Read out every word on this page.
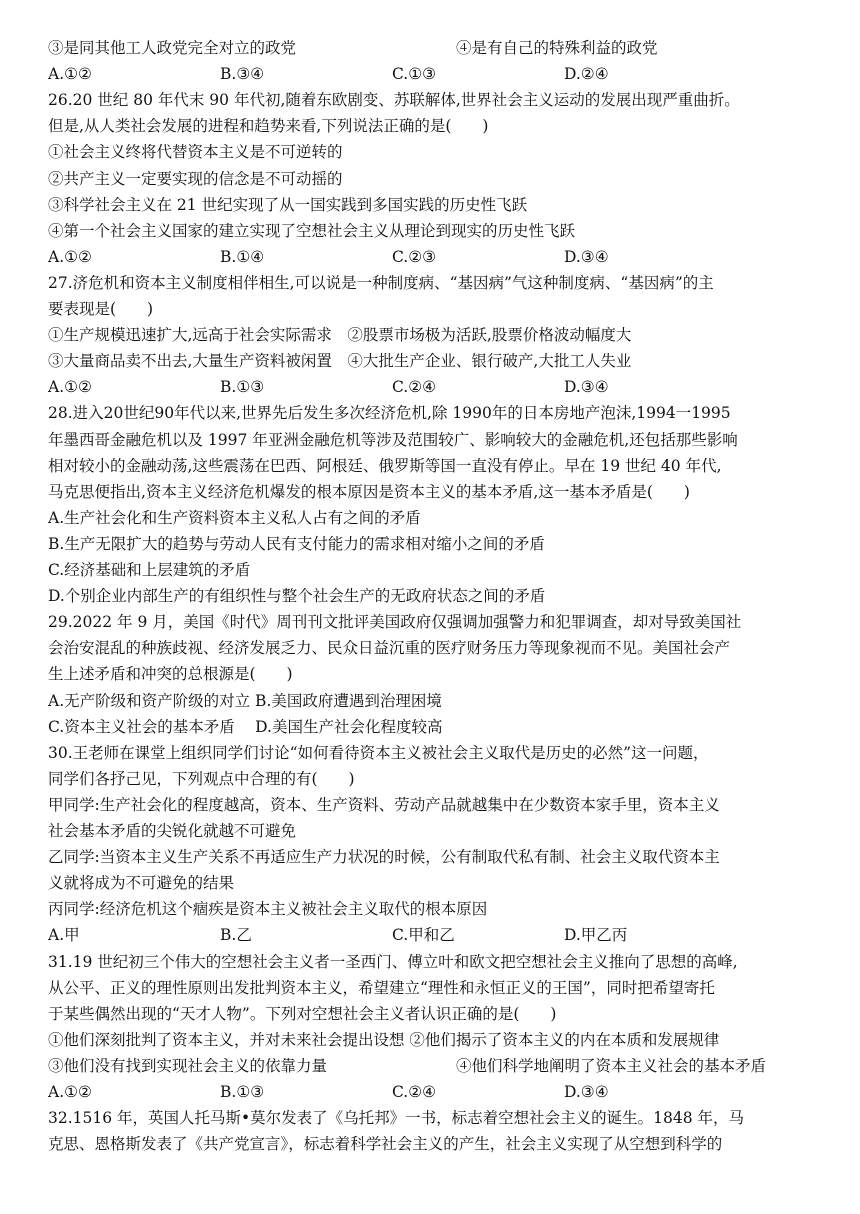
③是同其他工人政党完全对立的政党	④是有自己的特殊利益的政党
A.①②	B.③④	C.①③	D.②④
26.20 世纪 80 年代末 90 年代初,随着东欧剧变、苏联解体,世界社会主义运动的发展出现严重曲折。
但是,从人类社会发展的进程和趋势来看,下列说法正确的是(　　)
①社会主义终将代替资本主义是不可逆转的
②共产主义一定要实现的信念是不可动摇的
③科学社会主义在 21 世纪实现了从一国实践到多国实践的历史性飞跃
④第一个社会主义国家的建立实现了空想社会主义从理论到现实的历史性飞跃
A.①②	B.①④	C.②③	D.③④
27.济危机和资本主义制度相伴相生,可以说是一种制度病、“基因病”气这种制度病、“基因病”的主
要表现是(　　)
①生产规模迅速扩大,远高于社会实际需求　②股票市场极为活跃,股票价格波动幅度大
③大量商品卖不出去,大量生产资料被闲置　④大批生产企业、银行破产,大批工人失业
A.①②	B.①③	C.②④	D.③④
28.进入20世纪90年代以来,世界先后发生多次经济危机,除 1990年的日本房地产泡沫,1994一1995
年墨西哥金融危机以及 1997 年亚洲金融危机等涉及范围较广、影响较大的金融危机,还包括那些影响
相对较小的金融动荡,这些震荡在巴西、阿根廷、俄罗斯等国一直没有停止。早在 19 世纪 40 年代,
马克思便指出,资本主义经济危机爆发的根本原因是资本主义的基本矛盾,这一基本矛盾是(　　)
A.生产社会化和生产资料资本主义私人占有之间的矛盾
B.生产无限扩大的趋势与劳动人民有支付能力的需求相对缩小之间的矛盾
C.经济基础和上层建筑的矛盾
D.个别企业内部生产的有组织性与整个社会生产的无政府状态之间的矛盾
29.2022 年 9 月，美国《时代》周刊刊文批评美国政府仅强调加强警力和犯罪调查，却对导致美国社
会治安混乱的种族歧视、经济发展乏力、民众日益沉重的医疗财务压力等现象视而不见。美国社会产
生上述矛盾和冲突的总根源是(　　)
A.无产阶级和资产阶级的对立 B.美国政府遭遇到治理困境
C.资本主义社会的基本矛盾　 D.美国生产社会化程度较高
30.王老师在课堂上组织同学们讨论“如何看待资本主义被社会主义取代是历史的必然”这一问题，
同学们各抒己见，下列观点中合理的有(　　)
甲同学:生产社会化的程度越高，资本、生产资料、劳动产品就越集中在少数资本家手里，资本主义
社会基本矛盾的尖锐化就越不可避免
乙同学:当资本主义生产关系不再适应生产力状况的时候，公有制取代私有制、社会主义取代资本主
义就将成为不可避免的结果
丙同学:经济危机这个痼疾是资本主义被社会主义取代的根本原因
A.甲	B.乙	C.甲和乙	D.甲乙丙
31.19 世纪初三个伟大的空想社会主义者一圣西门、傅立叶和欧文把空想社会主义推向了思想的高峰,
从公平、正义的理性原则出发批判资本主义，希望建立“理性和永恒正义的王国”，同时把希望寄托
于某些偶然出现的“天才人物”。下列对空想社会主义者认识正确的是(　　)
①他们深刻批判了资本主义，并对未来社会提出设想 ②他们揭示了资本主义的内在本质和发展规律
③他们没有找到实现社会主义的依靠力量	④他们科学地阐明了资本主义社会的基本矛盾
A.①②	B.①③	C.②④	D.③④
32.1516 年，英国人托马斯•莫尔发表了《乌托邦》一书，标志着空想社会主义的诞生。1848 年，马
克思、恩格斯发表了《共产党宣言》，标志着科学社会主义的产生，社会主义实现了从空想到科学的
